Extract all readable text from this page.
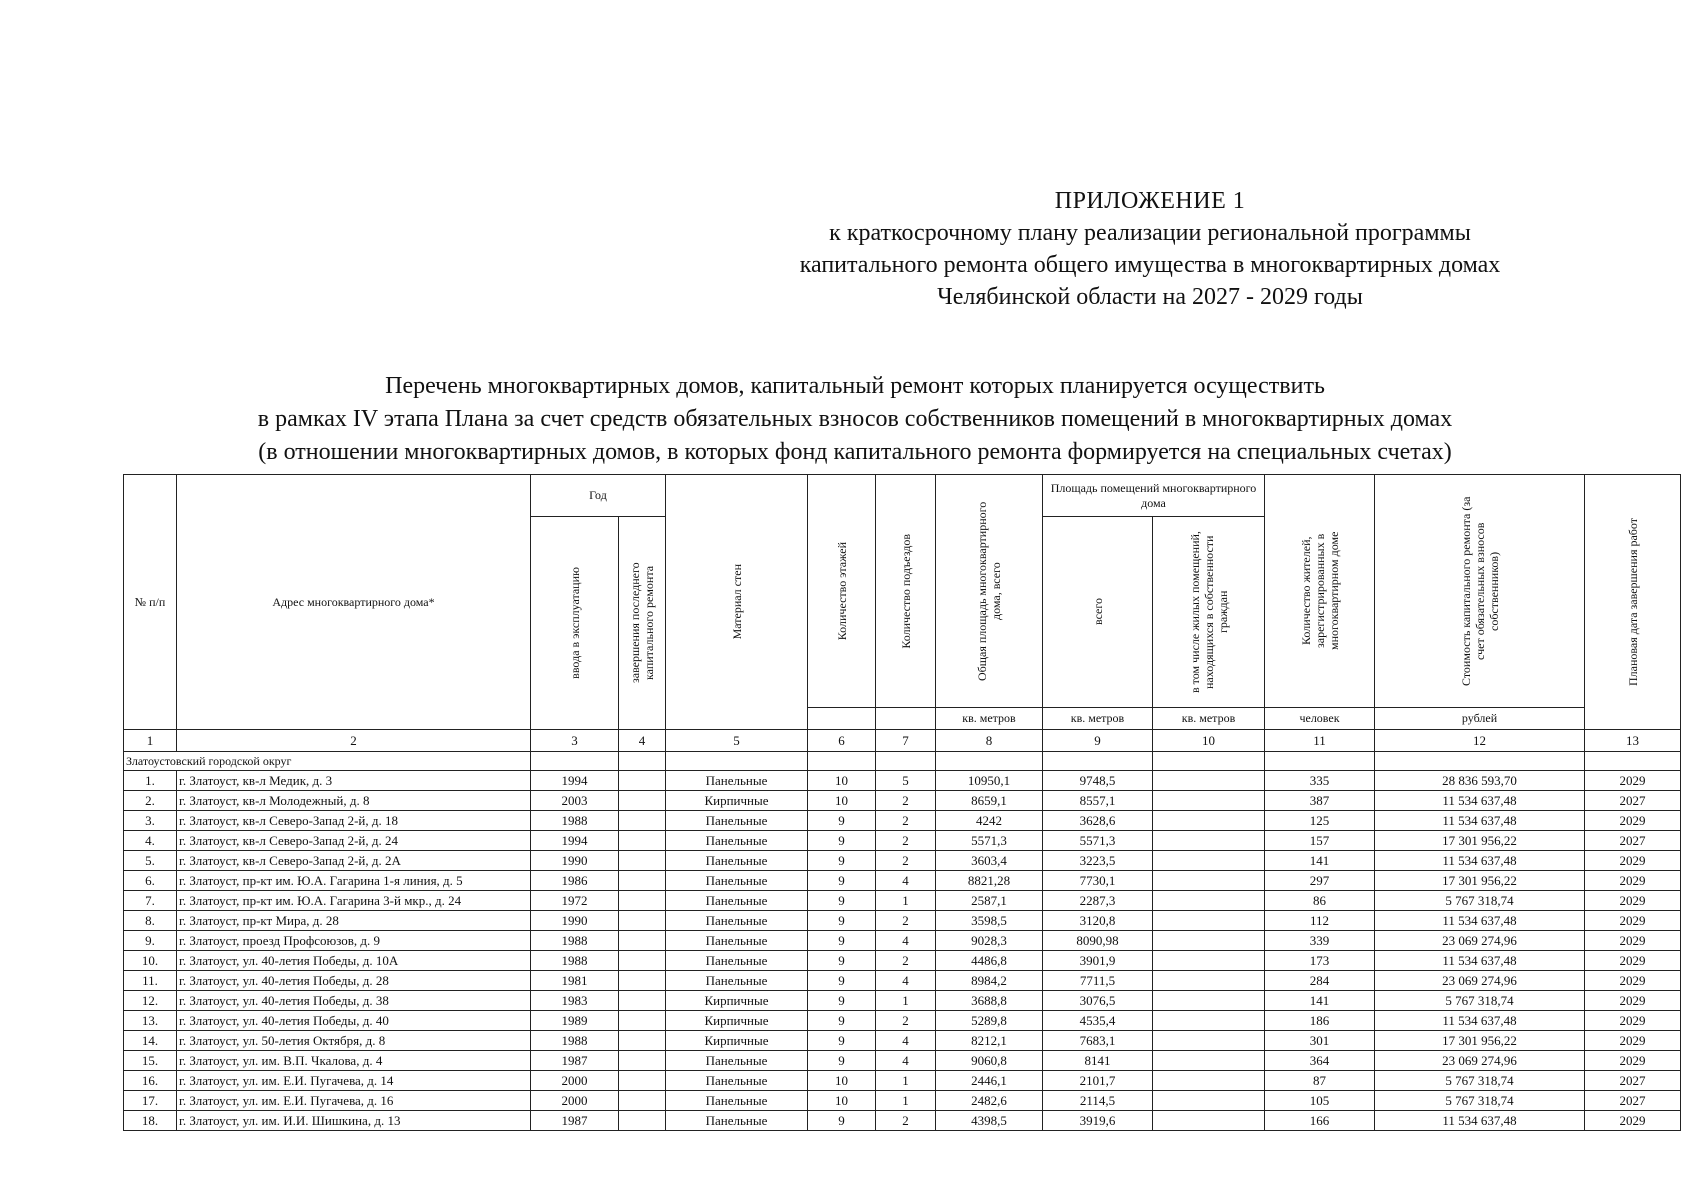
ПРИЛОЖЕНИЕ 1
к краткосрочному плану реализации региональной программы
капитального ремонта общего имущества в многоквартирных домах
Челябинской области на 2027 - 2029 годы
Перечень многоквартирных домов, капитальный ремонт которых планируется осуществить
в рамках IV этапа Плана за счет средств обязательных взносов собственников помещений в многоквартирных домах
(в отношении многоквартирных домов, в которых фонд капитального ремонта формируется на специальных счетах)
№ п/п	Адрес многоквартирного дома*	Год		Материал стен	Количество этажей	Количество подъездов	Общая площадь многоквартирного дома, всего	Площадь помещений многоквартирного дома		Количество жителей, зарегистрированных в многоквартирном доме	Стоимость капитального ремонта (за счет обязательных взносов собственников)	Плановая дата завершения работ

		ввода в эксплуатацию	завершения последнего капитального ремонта					всего	в том числе жилых помещений, находящихся в собственности граждан			

							кв. метров	кв. метров	кв. метров	человек	рублей	
1	2	3	4	5	6	7	8	9	10	11	12	13
Златоустовский городской округ												
1.	г. Златоуст, кв-л Медик, д. 3	1994		Панельные	10	5	10950,1	9748,5		335	28 836 593,70	2029
2.	г. Златоуст, кв-л Молодежный, д. 8	2003		Кирпичные	10	2	8659,1	8557,1		387	11 534 637,48	2027
3.	г. Златоуст, кв-л Северо-Запад 2-й, д. 18	1988		Панельные	9	2	4242	3628,6		125	11 534 637,48	2029
4.	г. Златоуст, кв-л Северо-Запад 2-й, д. 24	1994		Панельные	9	2	5571,3	5571,3		157	17 301 956,22	2027
5.	г. Златоуст, кв-л Северо-Запад 2-й, д. 2А	1990		Панельные	9	2	3603,4	3223,5		141	11 534 637,48	2029
6.	г. Златоуст, пр-кт им. Ю.А. Гагарина 1-я линия, д. 5	1986		Панельные	9	4	8821,28	7730,1		297	17 301 956,22	2029
7.	г. Златоуст, пр-кт им. Ю.А. Гагарина 3-й мкр., д. 24	1972		Панельные	9	1	2587,1	2287,3		86	5 767 318,74	2029
8.	г. Златоуст, пр-кт Мира, д. 28	1990		Панельные	9	2	3598,5	3120,8		112	11 534 637,48	2029
9.	г. Златоуст, проезд Профсоюзов, д. 9	1988		Панельные	9	4	9028,3	8090,98		339	23 069 274,96	2029
10.	г. Златоуст, ул. 40-летия Победы, д. 10А	1988		Панельные	9	2	4486,8	3901,9		173	11 534 637,48	2029
11.	г. Златоуст, ул. 40-летия Победы, д. 28	1981		Панельные	9	4	8984,2	7711,5		284	23 069 274,96	2029
12.	г. Златоуст, ул. 40-летия Победы, д. 38	1983		Кирпичные	9	1	3688,8	3076,5		141	5 767 318,74	2029
13.	г. Златоуст, ул. 40-летия Победы, д. 40	1989		Кирпичные	9	2	5289,8	4535,4		186	11 534 637,48	2029
14.	г. Златоуст, ул. 50-летия Октября, д. 8	1988		Кирпичные	9	4	8212,1	7683,1		301	17 301 956,22	2029
15.	г. Златоуст, ул. им. В.П. Чкалова, д. 4	1987		Панельные	9	4	9060,8	8141		364	23 069 274,96	2029
16.	г. Златоуст, ул. им. Е.И. Пугачева, д. 14	2000		Панельные	10	1	2446,1	2101,7		87	5 767 318,74	2027
17.	г. Златоуст, ул. им. Е.И. Пугачева, д. 16	2000		Панельные	10	1	2482,6	2114,5		105	5 767 318,74	2027
18.	г. Златоуст, ул. им. И.И. Шишкина, д. 13	1987		Панельные	9	2	4398,5	3919,6		166	11 534 637,48	2029
